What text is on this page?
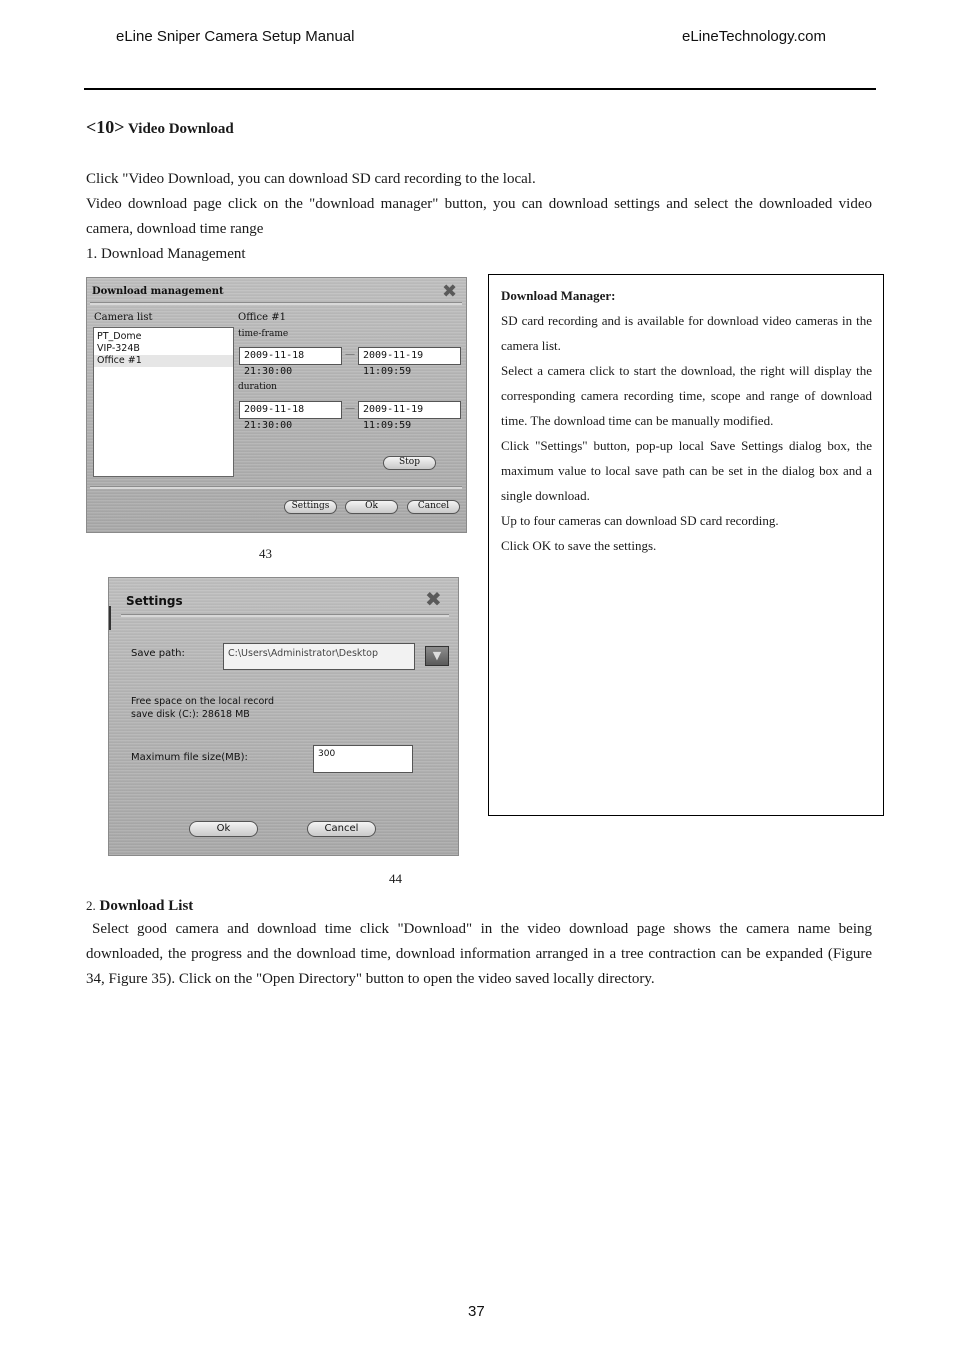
eLine Sniper Camera Setup Manual	eLineTechnology.com
<10> Video Download
Click "Video Download, you can download SD card recording to the local.
Video download page click on the "download manager" button, you can download settings and select the downloaded video camera, download time range
1. Download Management
Download management	✖
Camera list
PT_Dome
VIP-324B
Office #1
Office #1
time-frame
2009-11-18 21:30:00
— 2009-11-19 11:09:59
duration
2009-11-18 21:30:00
— 2009-11-19 11:09:59
Stop
Settings	Ok	Cancel
43
Settings	✖
Save path:	C:\Users\Administrator\Desktop	▼
Free space on the local record
save disk (C:): 28618 MB
Maximum file size(MB):	300
Ok	Cancel
44
Download Manager:
SD card recording and is available for download video cameras in the camera list.
Select a camera click to start the download, the right will display the corresponding camera recording time, scope and range of download time. The download time can be manually modified.
Click "Settings" button, pop-up local Save Settings dialog box, the maximum value to local save path can be set in the dialog box and a single download.
Up to four cameras can download SD card recording.
Click OK to save the settings.
2. Download List
Select good camera and download time click "Download" in the video download page shows the camera name being downloaded, the progress and the download time, download information arranged in a tree contraction can be expanded (Figure 34, Figure 35). Click on the "Open Directory" button to open the video saved locally directory.
37
